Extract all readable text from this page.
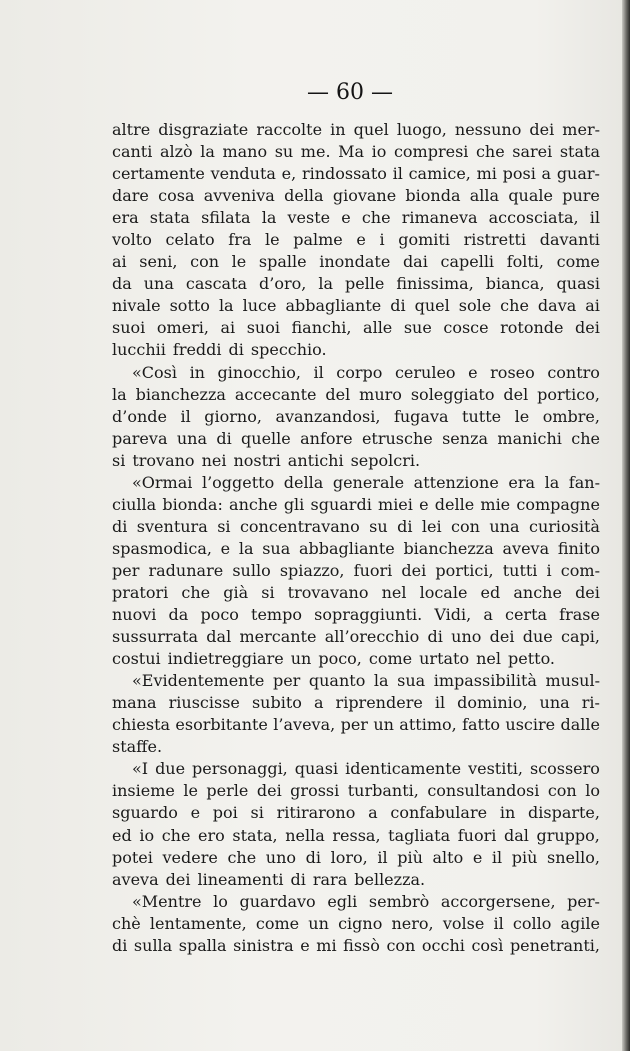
— 60 —

altre disgraziate raccolte in quel luogo, nessuno dei mer-
canti alzò la mano su me. Ma io compresi che sarei stata
certamente venduta e, rindossato il camice, mi posi a guar-
dare cosa avveniva della giovane bionda alla quale pure
era stata sfilata la veste e che rimaneva accosciata, il
volto celato fra le palme e i gomiti ristretti davanti
ai seni, con le spalle inondate dai capelli folti, come
da una cascata d’oro, la pelle finissima, bianca, quasi
nivale sotto la luce abbagliante di quel sole che dava ai
suoi omeri, ai suoi fianchi, alle sue cosce rotonde dei
lucchii freddi di specchio.
«Così in ginocchio, il corpo ceruleo e roseo contro
la bianchezza accecante del muro soleggiato del portico,
d’onde il giorno, avanzandosi, fugava tutte le ombre,
pareva una di quelle anfore etrusche senza manichi che
si trovano nei nostri antichi sepolcri.
«Ormai l’oggetto della generale attenzione era la fan-
ciulla bionda: anche gli sguardi miei e delle mie compagne
di sventura si concentravano su di lei con una curiosità
spasmodica, e la sua abbagliante bianchezza aveva finito
per radunare sullo spiazzo, fuori dei portici, tutti i com-
pratori che già si trovavano nel locale ed anche dei
nuovi da poco tempo sopraggiunti. Vidi, a certa frase
sussurrata dal mercante all’orecchio di uno dei due capi,
costui indietreggiare un poco, come urtato nel petto.
«Evidentemente per quanto la sua impassibilità musul-
mana riuscisse subito a riprendere il dominio, una ri-
chiesta esorbitante l’aveva, per un attimo, fatto uscire dalle
staffe.
«I due personaggi, quasi identicamente vestiti, scossero
insieme le perle dei grossi turbanti, consultandosi con lo
sguardo e poi si ritirarono a confabulare in disparte,
ed io che ero stata, nella ressa, tagliata fuori dal gruppo,
potei vedere che uno di loro, il più alto e il più snello,
aveva dei lineamenti di rara bellezza.
«Mentre lo guardavo egli sembrò accorgersene, per-
chè lentamente, come un cigno nero, volse il collo agile
di sulla spalla sinistra e mi fissò con occhi così penetranti,
